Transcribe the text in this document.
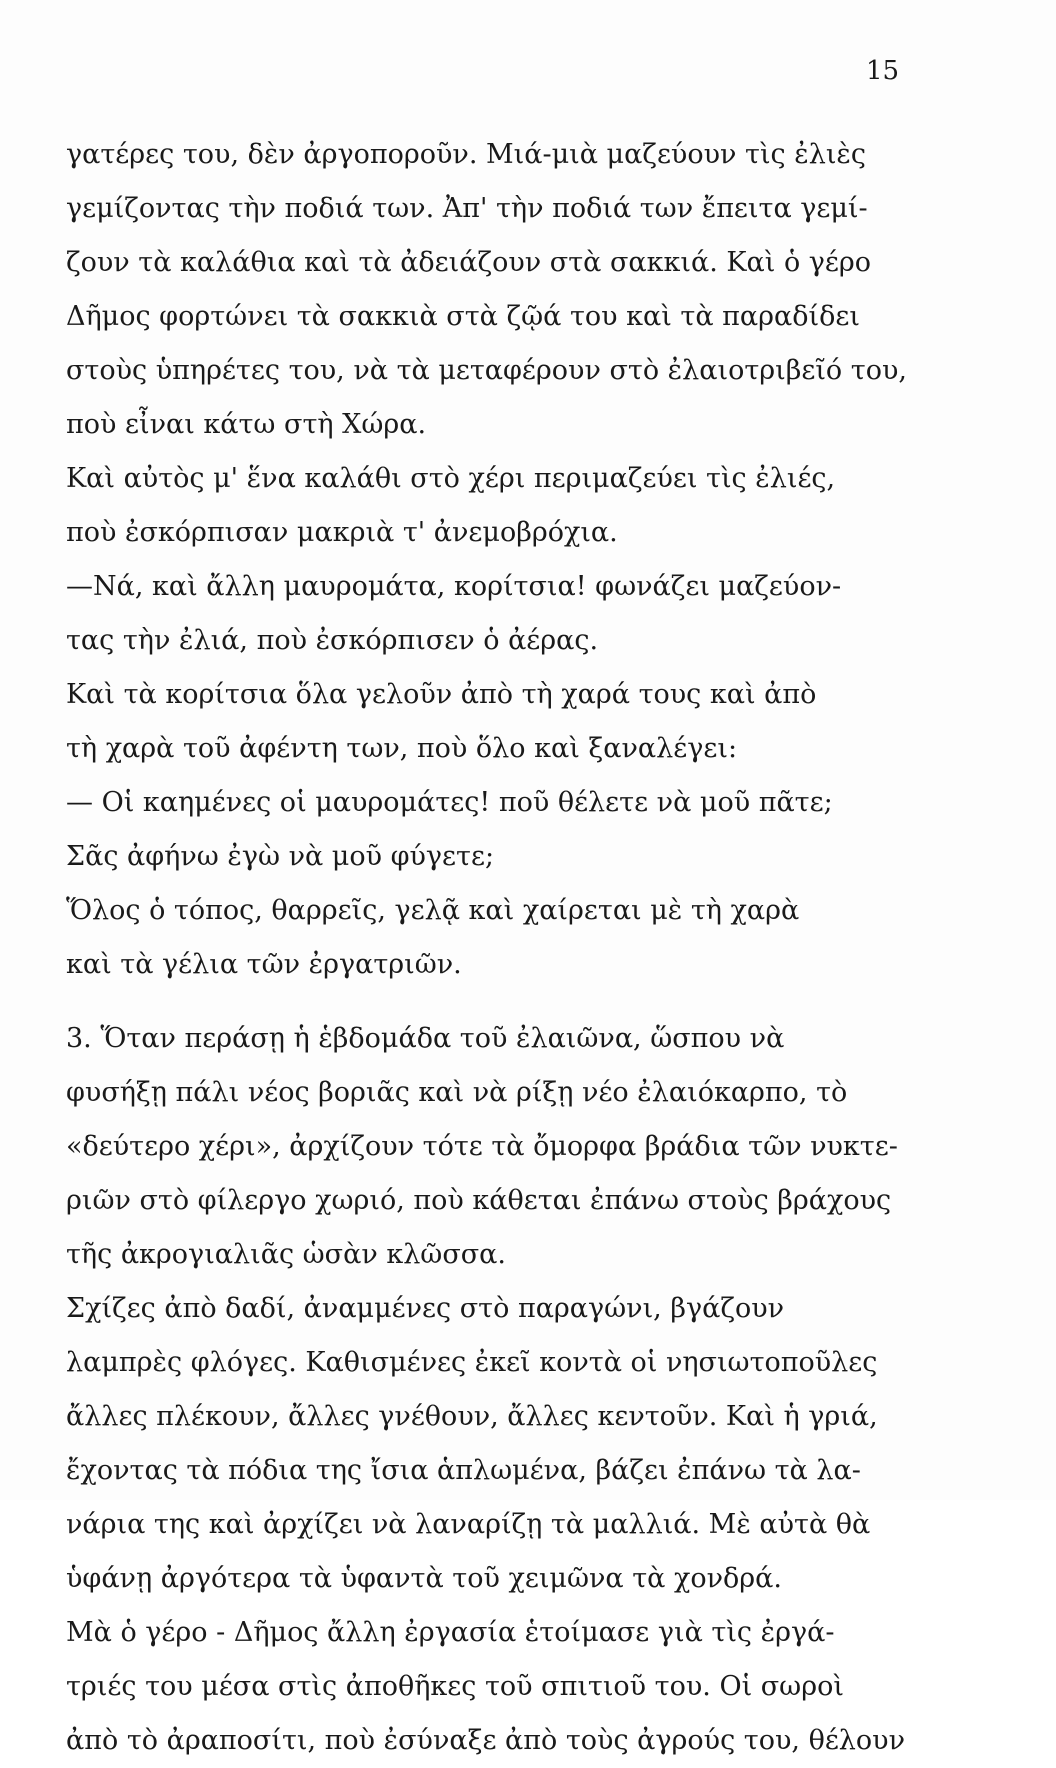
15
γατέρες του, δὲν ἀργοποροῦν. Μιά-μιὰ μαζεύουν τὶς ἐλιὲς
γεμίζοντας τὴν ποδιά των. Ἀπ' τὴν ποδιά των ἔπειτα γεμί-
ζουν τὰ καλάθια καὶ τὰ ἀδειάζουν στὰ σακκιά. Καὶ ὁ γέρο
Δῆμος φορτώνει τὰ σακκιὰ στὰ ζῷά του καὶ τὰ παραδίδει
στοὺς ὑπηρέτες του, νὰ τὰ μεταφέρουν στὸ ἐλαιοτριβεῖό του,
ποὺ εἶναι κάτω στὴ Χώρα.
Καὶ αὐτὸς μ' ἕνα καλάθι στὸ χέρι περιμαζεύει τὶς ἐλιές,
ποὺ ἐσκόρπισαν μακριὰ τ' ἀνεμοβρόχια.
—Νά, καὶ ἄλλη μαυρομάτα, κορίτσια! φωνάζει μαζεύον-
τας τὴν ἐλιά, ποὺ ἐσκόρπισεν ὁ ἀέρας.
Καὶ τὰ κορίτσια ὅλα γελοῦν ἀπὸ τὴ χαρά τους καὶ ἀπὸ
τὴ χαρὰ τοῦ ἀφέντη των, ποὺ ὅλο καὶ ξαναλέγει:
— Οἱ καημένες οἱ μαυρομάτες! ποῦ θέλετε νὰ μοῦ πᾶτε;
Σᾶς ἀφήνω ἐγὼ νὰ μοῦ φύγετε;
Ὅλος ὁ τόπος, θαρρεῖς, γελᾷ καὶ χαίρεται μὲ τὴ χαρὰ
καὶ τὰ γέλια τῶν ἐργατριῶν.
3. Ὅταν περάσῃ ἡ ἑβδομάδα τοῦ ἐλαιῶνα, ὥσπου νὰ
φυσήξῃ πάλι νέος βοριᾶς καὶ νὰ ρίξῃ νέο ἐλαιόκαρπο, τὸ
«δεύτερο χέρι», ἀρχίζουν τότε τὰ ὄμορφα βράδια τῶν νυκτε-
ριῶν στὸ φίλεργο χωριό, ποὺ κάθεται ἐπάνω στοὺς βράχους
τῆς ἀκρογιαλιᾶς ὡσὰν κλῶσσα.
Σχίζες ἀπὸ δαδί, ἀναμμένες στὸ παραγώνι, βγάζουν
λαμπρὲς φλόγες. Καθισμένες ἐκεῖ κοντὰ οἱ νησιωτοποῦλες
ἄλλες πλέκουν, ἄλλες γνέθουν, ἄλλες κεντοῦν. Καὶ ἡ γριά,
ἔχοντας τὰ πόδια της ἴσια ἁπλωμένα, βάζει ἐπάνω τὰ λα-
νάρια της καὶ ἀρχίζει νὰ λαναρίζῃ τὰ μαλλιά. Μὲ αὐτὰ θὰ
ὑφάνῃ ἀργότερα τὰ ὑφαντὰ τοῦ χειμῶνα τὰ χονδρά.
Μὰ ὁ γέρο - Δῆμος ἄλλη ἐργασία ἑτοίμασε γιὰ τὶς ἐργά-
τριές του μέσα στὶς ἀποθῆκες τοῦ σπιτιοῦ του. Οἱ σωροὶ
ἀπὸ τὸ ἀραποσίτι, ποὺ ἐσύναξε ἀπὸ τοὺς ἀγρούς του, θέλουν
